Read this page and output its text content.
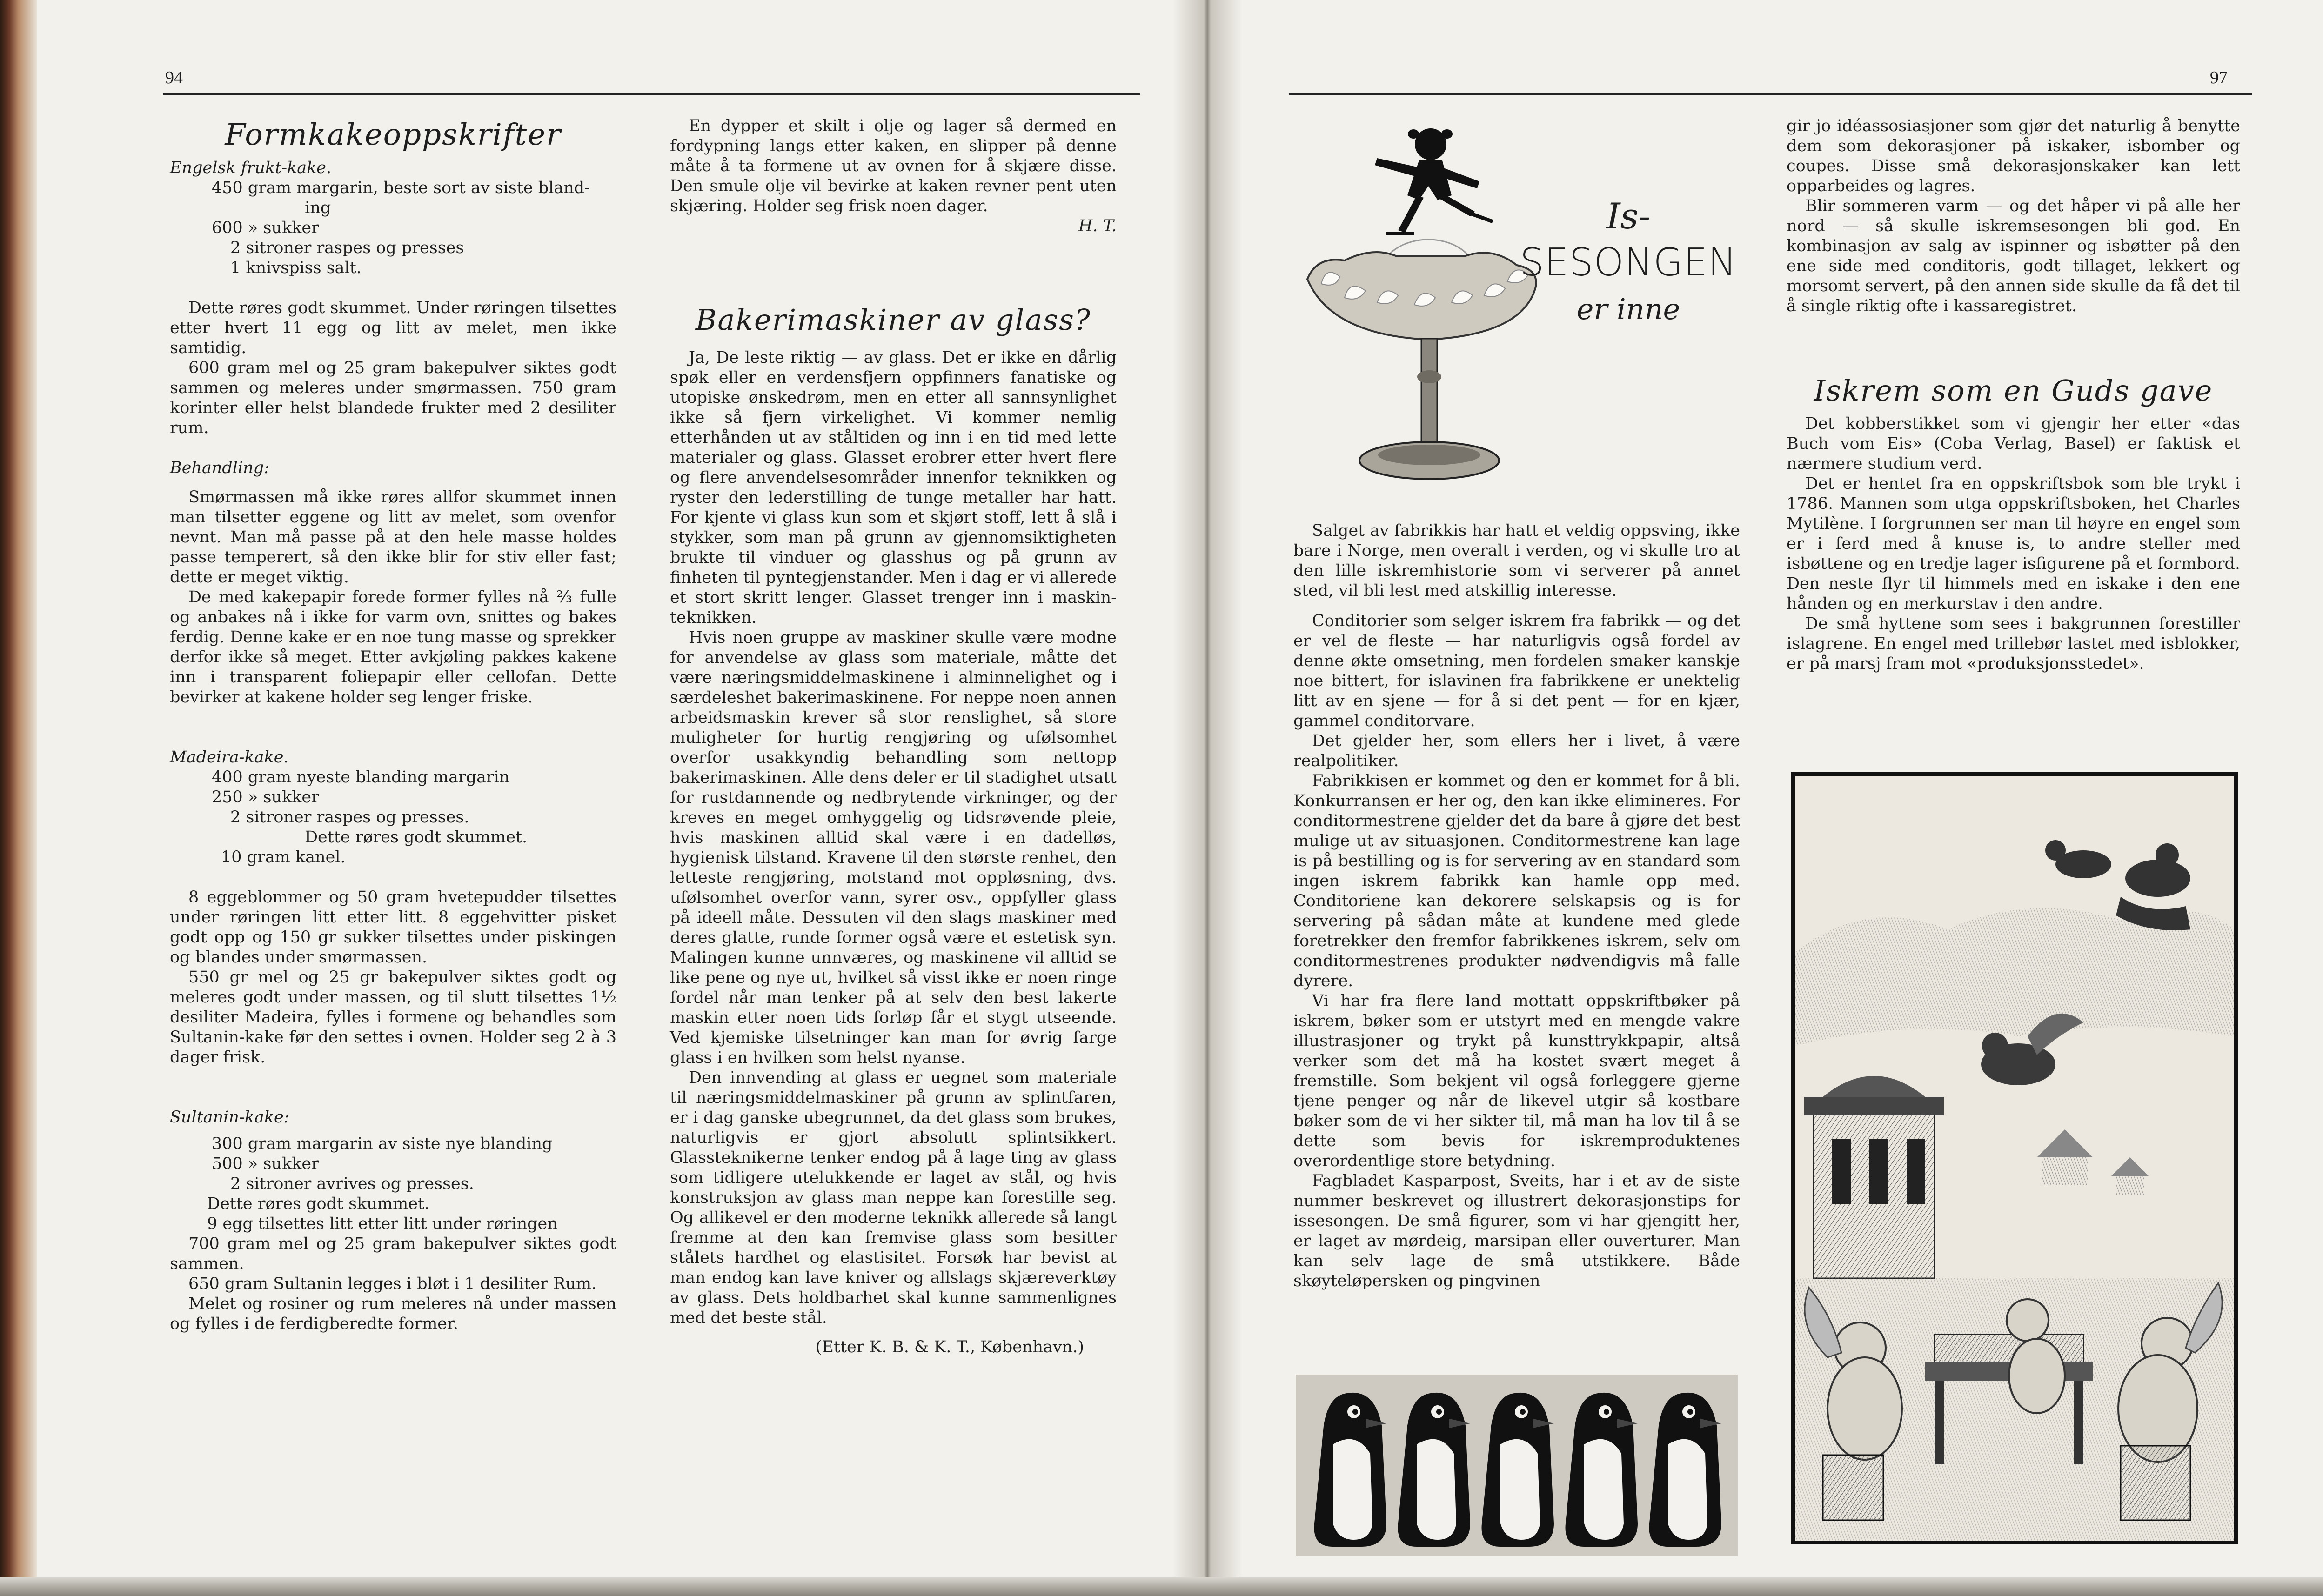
94
Formkakeoppskrifter

Engelsk frukt-kake.

450 gram margarin, beste sort av siste bland-

ing

600 » sukker

2 sitroner raspes og presses

1 knivspiss salt.

Dette røres godt skummet. Under røringen tilsettes etter hvert 11 egg og litt av melet, men ikke samtidig.

600 gram mel og 25 gram bakepulver siktes godt sammen og meleres under smørmassen. 750 gram korinter eller helst blandede frukter med 2 desiliter rum.

Behandling:

Smørmassen må ikke røres allfor skummet innen man tilsetter eggene og litt av melet, som ovenfor nevnt. Man må passe på at den hele masse holdes passe temperert, så den ikke blir for stiv eller fast; dette er meget viktig.

De med kakepapir forede former fylles nå ⅔ fulle og anbakes nå i ikke for varm ovn, snittes og bakes ferdig. Denne kake er en noe tung masse og sprekker derfor ikke så meget. Etter avkjøling pakkes kakene inn i transparent foliepapir eller cellofan. Dette bevirker at kakene holder seg lenger friske.

Madeira-kake.

400 gram nyeste blanding margarin

250 » sukker

2 sitroner raspes og presses.

Dette røres godt skummet.

10 gram kanel.

8 eggeblommer og 50 gram hvetepudder tilsettes under røringen litt etter litt. 8 eggehvitter pisket godt opp og 150 gr sukker tilsettes under piskingen og blandes under smørmassen.

550 gr mel og 25 gr bakepulver siktes godt og meleres godt under massen, og til slutt tilsettes 1½ desiliter Madeira, fylles i formene og behandles som Sultanin-kake før den settes i ovnen. Holder seg 2 à 3 dager frisk.

Sultanin-kake:

300 gram margarin av siste nye blanding

500 » sukker

2 sitroner avrives og presses.

Dette røres godt skummet.

9 egg tilsettes litt etter litt under røringen

700 gram mel og 25 gram bakepulver siktes godt sammen.

650 gram Sultanin legges i bløt i 1 desiliter Rum.

Melet og rosiner og rum meleres nå under massen og fylles i de ferdigberedte former.

En dypper et skilt i olje og lager så dermed en fordypning langs etter kaken, en slipper på denne måte å ta formene ut av ovnen for å skjære disse. Den smule olje vil bevirke at kaken revner pent uten skjæring. Holder seg frisk noen dager.

H. T.

Bakerimaskiner av glass?

Ja, De leste riktig — av glass. Det er ikke en dårlig spøk eller en verdensfjern oppfinners fanatiske og utopiske ønskedrøm, men en etter all sannsynlighet ikke så fjern virkelighet. Vi kommer nemlig etterhånden ut av ståltiden og inn i en tid med lette materialer og glass. Glasset erobrer etter hvert flere og flere anvendelsesområder innenfor teknikken og ryster den lederstilling de tunge metaller har hatt. For kjente vi glass kun som et skjørt stoff, lett å slå i stykker, som man på grunn av gjennomsiktigheten brukte til vinduer og glasshus og på grunn av finheten til pyntegjenstander. Men i dag er vi allerede et stort skritt lenger. Glasset trenger inn i maskin-teknikken.

Hvis noen gruppe av maskiner skulle være modne for anvendelse av glass som materiale, måtte det være næringsmiddelmaskinene i alminnelighet og i særdeleshet bakerimaskinene. For neppe noen annen arbeidsmaskin krever så stor renslighet, så store muligheter for hurtig rengjøring og ufølsomhet overfor usakkyndig behandling som nettopp bakerimaskinen. Alle dens deler er til stadighet utsatt for rustdannende og nedbrytende virkninger, og der kreves en meget omhyggelig og tidsrøvende pleie, hvis maskinen alltid skal være i en dadelløs, hygienisk tilstand. Kravene til den største renhet, den letteste rengjøring, motstand mot oppløsning, dvs. ufølsomhet overfor vann, syrer osv., oppfyller glass på ideell måte. Dessuten vil den slags maskiner med deres glatte, runde former også være et estetisk syn. Malingen kunne unnværes, og maskinene vil alltid se like pene og nye ut, hvilket så visst ikke er noen ringe fordel når man tenker på at selv den best lakerte maskin etter noen tids forløp får et stygt utseende. Ved kjemiske tilsetninger kan man for øvrig farge glass i en hvilken som helst nyanse.

Den innvending at glass er uegnet som materiale til næringsmiddelmaskiner på grunn av splintfaren, er i dag ganske ubegrunnet, da det glass som brukes, naturligvis er gjort absolutt splintsikkert. Glassteknikerne tenker endog på å lage ting av glass som tidligere utelukkende er laget av stål, og hvis konstruksjon av glass man neppe kan forestille seg. Og allikevel er den moderne teknikk allerede så langt fremme at den kan fremvise glass som besitter stålets hardhet og elastisitet. Forsøk har bevist at man endog kan lave kniver og allslags skjæreverktøy av glass. Dets holdbarhet skal kunne sammenlignes med det beste stål.

(Etter K. B. & K. T., København.)

97
Is-
SESONGEN
er inne

Salget av fabrikkis har hatt et veldig oppsving, ikke bare i Norge, men overalt i verden, og vi skulle tro at den lille iskremhistorie som vi serverer på annet sted, vil bli lest med atskillig interesse.

Conditorier som selger iskrem fra fabrikk — og det er vel de fleste — har naturligvis også fordel av denne økte omsetning, men fordelen smaker kanskje noe bittert, for islavinen fra fabrikkene er unektelig litt av en sjene — for å si det pent — for en kjær, gammel conditorvare.

Det gjelder her, som ellers her i livet, å være realpolitiker.

Fabrikkisen er kommet og den er kommet for å bli. Konkurransen er her og, den kan ikke elimineres. For conditormestrene gjelder det da bare å gjøre det best mulige ut av situasjonen. Conditormestrene kan lage is på bestilling og is for servering av en standard som ingen iskrem fabrikk kan hamle opp med. Conditoriene kan dekorere selskapsis og is for servering på sådan måte at kundene med glede foretrekker den fremfor fabrikkenes iskrem, selv om conditormestrenes produkter nødvendigvis må falle dyrere.

Vi har fra flere land mottatt oppskriftbøker på iskrem, bøker som er utstyrt med en mengde vakre illustrasjoner og trykt på kunsttrykkpapir, altså verker som det må ha kostet svært meget å fremstille. Som bekjent vil også forleggere gjerne tjene penger og når de likevel utgir så kostbare bøker som de vi her sikter til, må man ha lov til å se dette som bevis for iskremproduktenes overordentlige store betydning.

Fagbladet Kasparpost, Sveits, har i et av de siste nummer beskrevet og illustrert dekorasjonstips for issesongen. De små figurer, som vi har gjengitt her, er laget av mørdeig, marsipan eller ouverturer. Man kan selv lage de små utstikkere. Både skøyteløpersken og pingvinen

gir jo idéassosiasjoner som gjør det naturlig å benytte dem som dekorasjoner på iskaker, isbomber og coupes. Disse små dekorasjonskaker kan lett opparbeides og lagres.

Blir sommeren varm — og det håper vi på alle her nord — så skulle iskremsesongen bli god. En kombinasjon av salg av ispinner og isbøtter på den ene side med conditoris, godt tillaget, lekkert og morsomt servert, på den annen side skulle da få det til å single riktig ofte i kassaregistret.

Iskrem som en Guds gave

Det kobberstikket som vi gjengir her etter «das Buch vom Eis» (Coba Verlag, Basel) er faktisk et nærmere studium verd.

Det er hentet fra en oppskriftsbok som ble trykt i 1786. Mannen som utga oppskriftsboken, het Charles Mytilène. I forgrunnen ser man til høyre en engel som er i ferd med å knuse is, to andre steller med isbøttene og en tredje lager isfigurene på et formbord. Den neste flyr til himmels med en iskake i den ene hånden og en merkurstav i den andre.

De små hyttene som sees i bakgrunnen forestiller islagrene. En engel med trillebør lastet med isblokker, er på marsj fram mot «produksjonsstedet».
